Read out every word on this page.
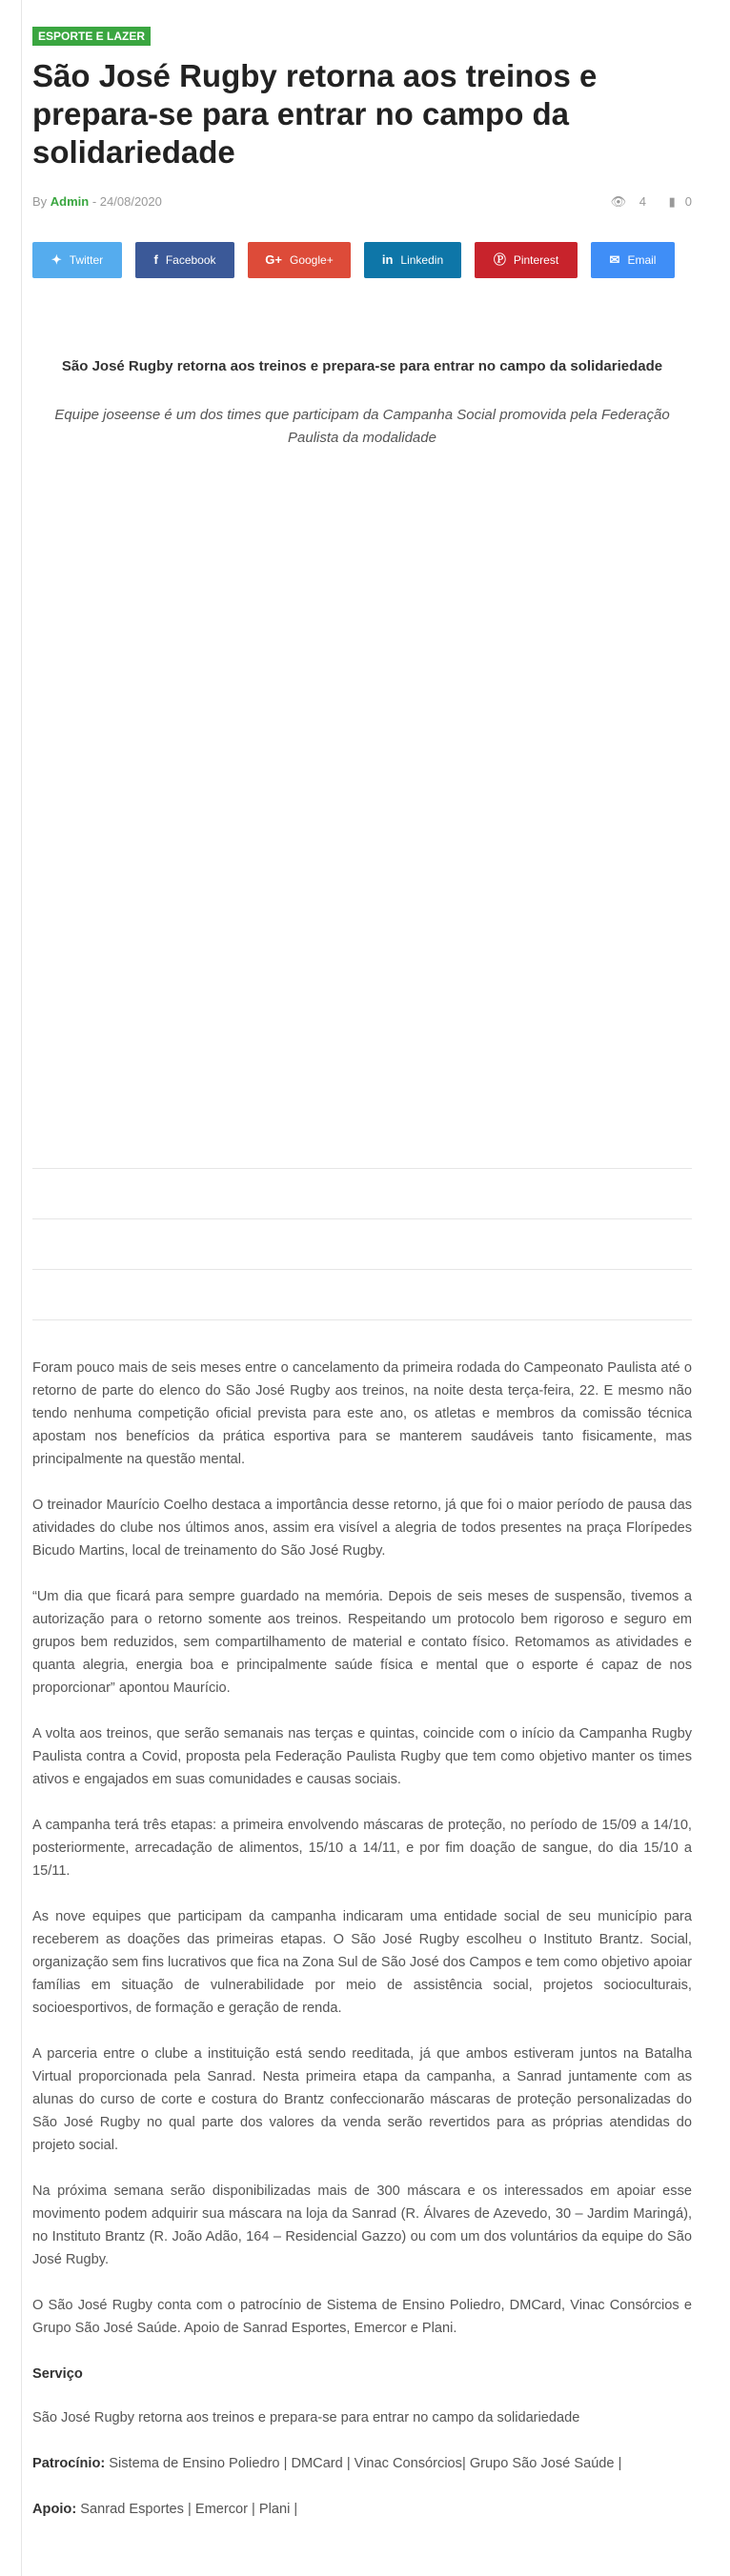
ESPORTE E LAZER
São José Rugby retorna aos treinos e prepara-se para entrar no campo da solidariedade
By Admin - 24/08/2020	👁 4 ▮ 0
✦ Twitter	f Facebook	G+ Google+	in Linkedin	Ⓟ Pinterest	✉ Email
São José Rugby retorna aos treinos e prepara-se para entrar no campo da solidariedade
Equipe joseense é um dos times que participam da Campanha Social promovida pela Federação Paulista da modalidade

Foram pouco mais de seis meses entre o cancelamento da primeira rodada do Campeonato Paulista até o retorno de parte do elenco do São José Rugby aos treinos, na noite desta terça-feira, 22. E mesmo não tendo nenhuma competição oficial prevista para este ano, os atletas e membros da comissão técnica apostam nos benefícios da prática esportiva para se manterem saudáveis tanto fisicamente, mas principalmente na questão mental.

O treinador Maurício Coelho destaca a importância desse retorno, já que foi o maior período de pausa das atividades do clube nos últimos anos, assim era visível a alegria de todos presentes na praça Florípedes Bicudo Martins, local de treinamento do São José Rugby.

“Um dia que ficará para sempre guardado na memória. Depois de seis meses de suspensão, tivemos a autorização para o retorno somente aos treinos. Respeitando um protocolo bem rigoroso e seguro em grupos bem reduzidos, sem compartilhamento de material e contato físico. Retomamos as atividades e quanta alegria, energia boa e principalmente saúde física e mental que o esporte é capaz de nos proporcionar” apontou Maurício.

A volta aos treinos, que serão semanais nas terças e quintas, coincide com o início da Campanha Rugby Paulista contra a Covid, proposta pela Federação Paulista Rugby que tem como objetivo manter os times ativos e engajados em suas comunidades e causas sociais.

A campanha terá três etapas: a primeira envolvendo máscaras de proteção, no período de 15/09 a 14/10, posteriormente, arrecadação de alimentos, 15/10 a 14/11, e por fim doação de sangue, do dia 15/10 a 15/11.

As nove equipes que participam da campanha indicaram uma entidade social de seu município para receberem as doações das primeiras etapas. O São José Rugby escolheu o Instituto Brantz. Social, organização sem fins lucrativos que fica na Zona Sul de São José dos Campos e tem como objetivo apoiar famílias em situação de vulnerabilidade por meio de assistência social, projetos socioculturais, socioesportivos, de formação e geração de renda.

A parceria entre o clube a instituição está sendo reeditada, já que ambos estiveram juntos na Batalha Virtual proporcionada pela Sanrad. Nesta primeira etapa da campanha, a Sanrad juntamente com as alunas do curso de corte e costura do Brantz confeccionarão máscaras de proteção personalizadas do São José Rugby no qual parte dos valores da venda serão revertidos para as próprias atendidas do projeto social.

Na próxima semana serão disponibilizadas mais de 300 máscara e os interessados em apoiar esse movimento podem adquirir sua máscara na loja da Sanrad (R. Álvares de Azevedo, 30 – Jardim Maringá), no Instituto Brantz (R. João Adão, 164 – Residencial Gazzo) ou com um dos voluntários da equipe do São José Rugby.

O São José Rugby conta com o patrocínio de Sistema de Ensino Poliedro, DMCard, Vinac Consórcios e Grupo São José Saúde. Apoio de Sanrad Esportes, Emercor e Plani.

Serviço

São José Rugby retorna aos treinos e prepara-se para entrar no campo da solidariedade

Patrocínio: Sistema de Ensino Poliedro | DMCard | Vinac Consórcios| Grupo São José Saúde |

Apoio: Sanrad Esportes | Emercor | Plani |
